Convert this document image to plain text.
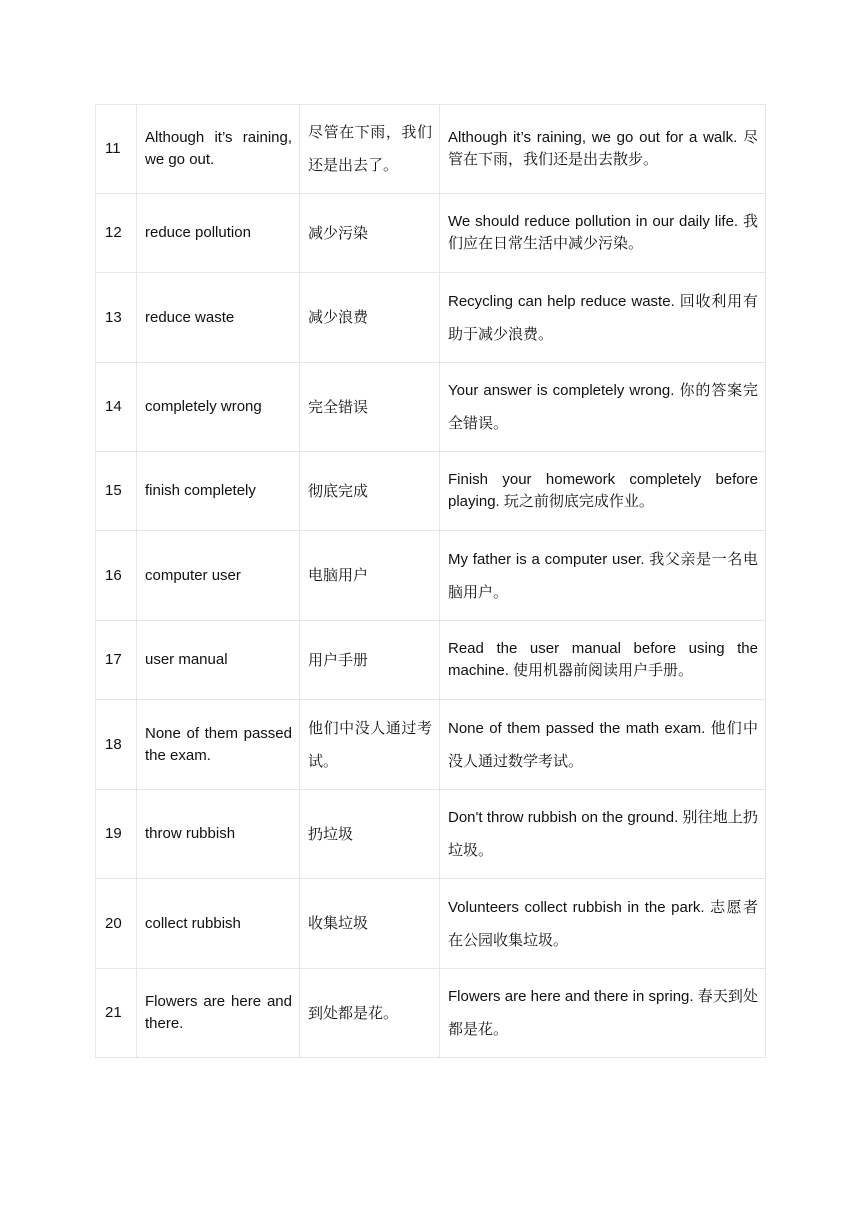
11	Although it’s raining, we go out.	尽管在下雨，我们还是出去了。	Although it’s raining, we go out for a walk. 尽管在下雨，我们还是出去散步。
12	reduce pollution	减少污染	We should reduce pollution in our daily life. 我们应在日常生活中减少污染。
13	reduce waste	减少浪费	Recycling can help reduce waste. 回收利用有助于减少浪费。
14	completely wrong	完全错误	Your answer is completely wrong. 你的答案完全错误。
15	finish completely	彻底完成	Finish your homework completely before playing. 玩之前彻底完成作业。
16	computer user	电脑用户	My father is a computer user. 我父亲是一名电脑用户。
17	user manual	用户手册	Read the user manual before using the machine. 使用机器前阅读用户手册。
18	None of them passed the exam.	他们中没人通过考试。	None of them passed the math exam. 他们中没人通过数学考试。
19	throw rubbish	扔垃圾	Don't throw rubbish on the ground. 别往地上扔垃圾。
20	collect rubbish	收集垃圾	Volunteers collect rubbish in the park. 志愿者在公园收集垃圾。
21	Flowers are here and there.	到处都是花。	Flowers are here and there in spring. 春天到处都是花。
